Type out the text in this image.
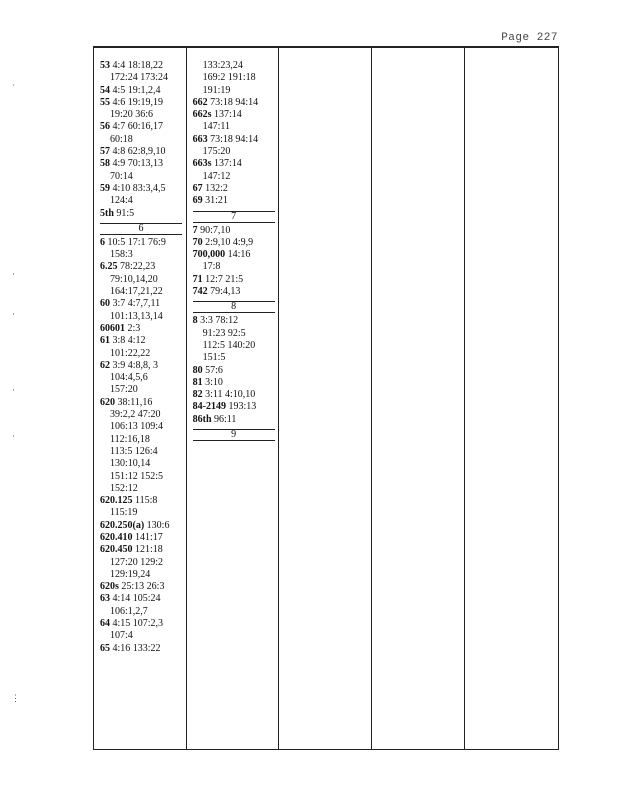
Page 227
`
·
·
·
·
⋮
53 4:4 18:18,22
172:24 173:24
54 4:5 19:1,2,4
55 4:6 19:19,19
19:20 36:6
56 4:7 60:16,17
60:18
57 4:8 62:8,9,10
58 4:9 70:13,13
70:14
59 4:10 83:3,4,5
124:4
5th 91:5
6
6 10:5 17:1 76:9
158:3
6.25 78:22,23
79:10,14,20
164:17,21,22
60 3:7 4:7,7,11
101:13,13,14
60601 2:3
61 3:8 4:12
101:22,22
62 3:9 4:8,8, 3
104:4,5,6
157:20
620 38:11,16
39:2,2 47:20
106:13 109:4
112:16,18
113:5 126:4
130:10,14
151:12 152:5
152:12
620.125 115:8
115:19
620.250(a) 130:6
620.410 141:17
620.450 121:18
127:20 129:2
129:19,24
620s 25:13 26:3
63 4:14 105:24
106:1,2,7
64 4:15 107:2,3
107:4
65 4:16 133:22
133:23,24
169:2 191:18
191:19
662 73:18 94:14
662s 137:14
147:11
663 73:18 94:14
175:20
663s 137:14
147:12
67 132:2
69 31:21
7
7 90:7,10
70 2:9,10 4:9,9
700,000 14:16
17:8
71 12:7 21:5
742 79:4,13
8
8 3:3 78:12
91:23 92:5
112:5 140:20
151:5
80 57:6
81 3:10
82 3:11 4:10,10
84-2149 193:13
86th 96:11
9
